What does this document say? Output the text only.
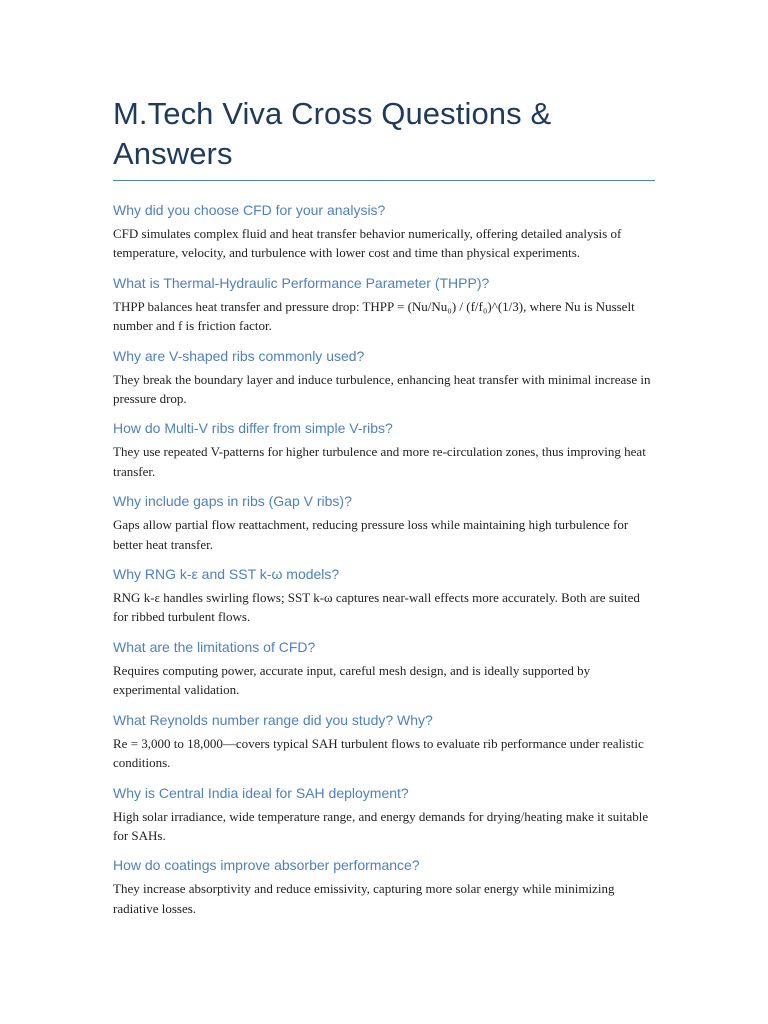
M.Tech Viva Cross Questions & Answers
Why did you choose CFD for your analysis?

CFD simulates complex fluid and heat transfer behavior numerically, offering detailed analysis of temperature, velocity, and turbulence with lower cost and time than physical experiments.

What is Thermal-Hydraulic Performance Parameter (THPP)?

THPP balances heat transfer and pressure drop: THPP = (Nu/Nu₀) / (f/f₀)^(1/3), where Nu is Nusselt number and f is friction factor.

Why are V-shaped ribs commonly used?

They break the boundary layer and induce turbulence, enhancing heat transfer with minimal increase in pressure drop.

How do Multi-V ribs differ from simple V-ribs?

They use repeated V-patterns for higher turbulence and more re-circulation zones, thus improving heat transfer.

Why include gaps in ribs (Gap V ribs)?

Gaps allow partial flow reattachment, reducing pressure loss while maintaining high turbulence for better heat transfer.

Why RNG k-ε and SST k-ω models?

RNG k-ε handles swirling flows; SST k-ω captures near-wall effects more accurately. Both are suited for ribbed turbulent flows.

What are the limitations of CFD?

Requires computing power, accurate input, careful mesh design, and is ideally supported by experimental validation.

What Reynolds number range did you study? Why?

Re = 3,000 to 18,000—covers typical SAH turbulent flows to evaluate rib performance under realistic conditions.

Why is Central India ideal for SAH deployment?

High solar irradiance, wide temperature range, and energy demands for drying/heating make it suitable for SAHs.

How do coatings improve absorber performance?

They increase absorptivity and reduce emissivity, capturing more solar energy while minimizing radiative losses.
